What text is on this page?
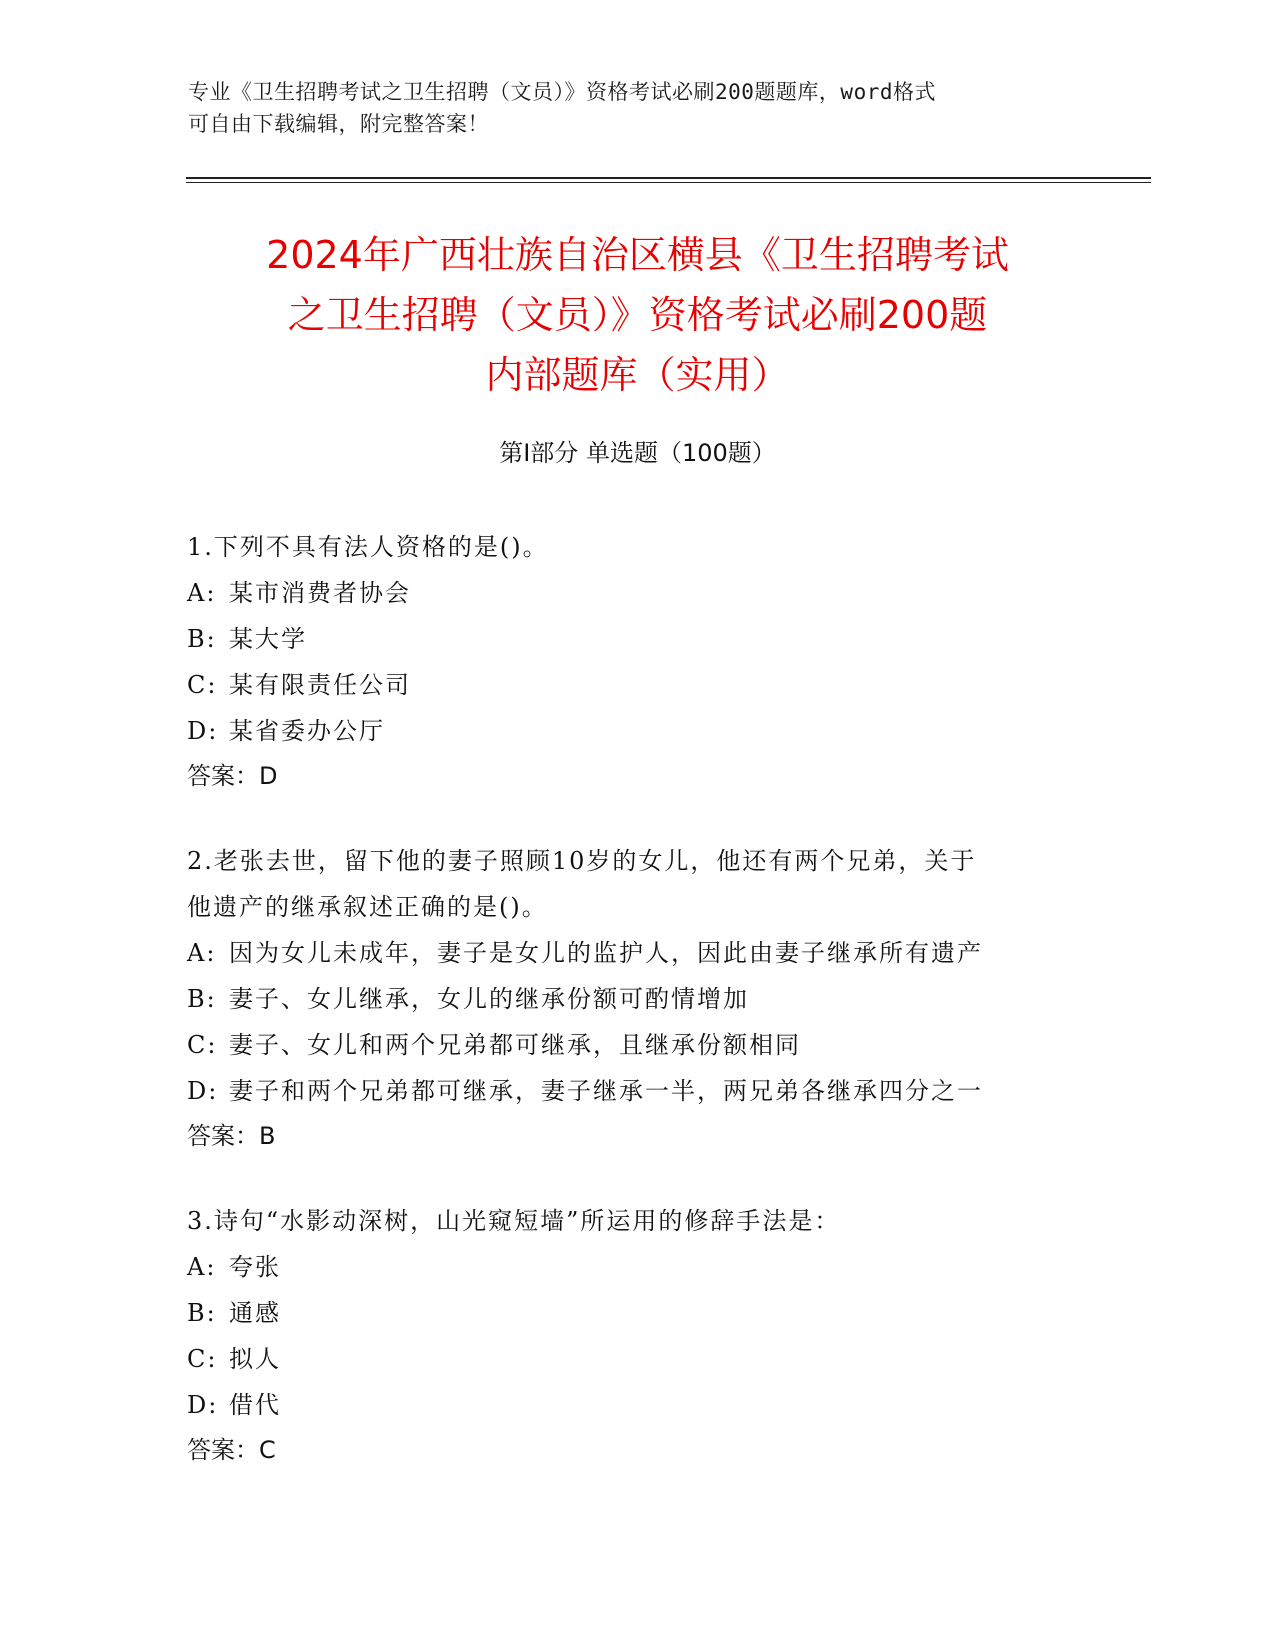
专业《卫生招聘考试之卫生招聘（文员）》资格考试必刷200题题库，word格式
可自由下载编辑，附完整答案！
2024年广西壮族自治区横县《卫生招聘考试
之卫生招聘（文员）》资格考试必刷200题
内部题库（实用）
第Ⅰ部分 单选题（100题）
1.下列不具有法人资格的是()。
A: 某市消费者协会
B: 某大学
C: 某有限责任公司
D: 某省委办公厅
答案：D
2.老张去世，留下他的妻子照顾10岁的女儿，他还有两个兄弟，关于
他遗产的继承叙述正确的是()。
A: 因为女儿未成年，妻子是女儿的监护人，因此由妻子继承所有遗产
B: 妻子、女儿继承，女儿的继承份额可酌情增加
C: 妻子、女儿和两个兄弟都可继承，且继承份额相同
D: 妻子和两个兄弟都可继承，妻子继承一半，两兄弟各继承四分之一
答案：B
3.诗句“水影动深树，山光窥短墙”所运用的修辞手法是：
A: 夸张
B: 通感
C: 拟人
D: 借代
答案：C
